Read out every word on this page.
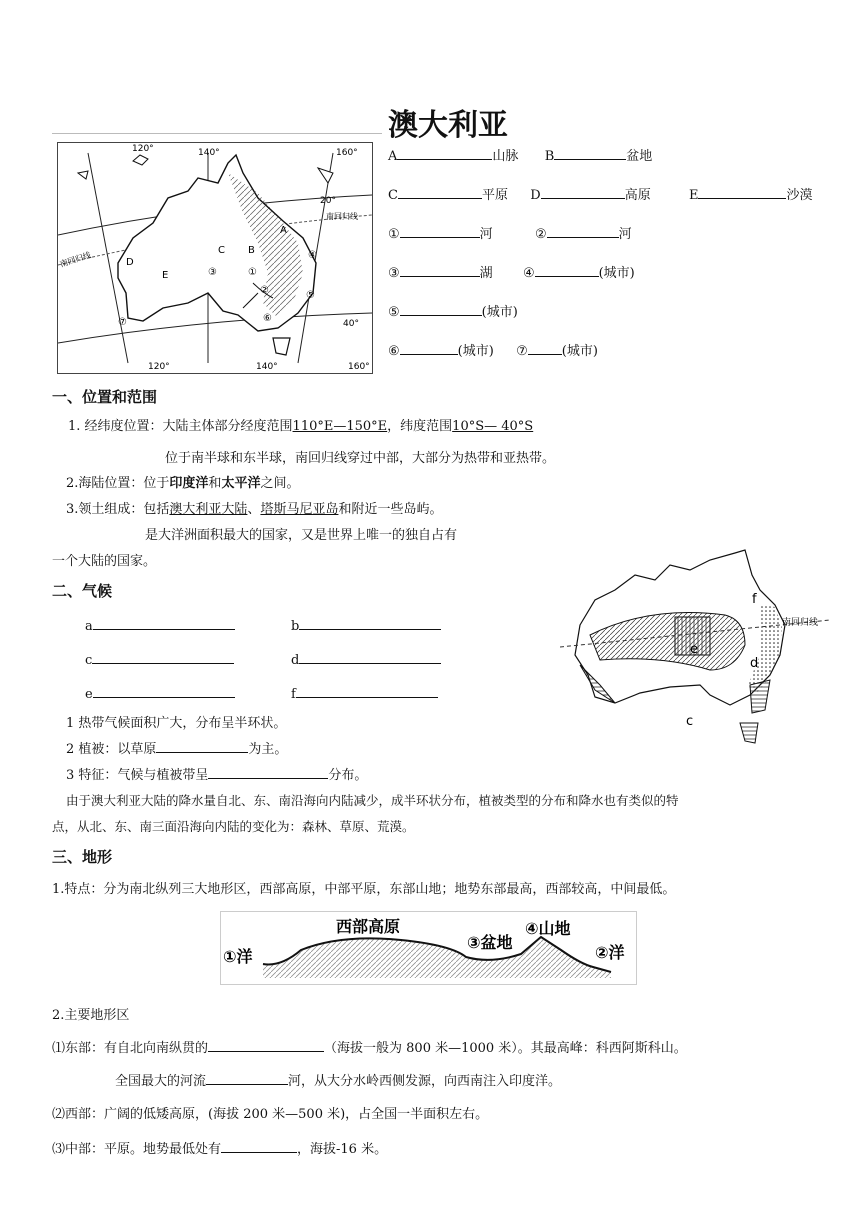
澳大利亚
120°	140°	160°
20°
南回归线
南回归线
40°
120°	140°	160°
A
B
C
D
E	①
②
③
④
⑤
⑥
⑦
A	山脉 B	盆地
C	平原 D	高原	E	沙漠
①	河	②	河
③	湖 ④	(城市)
⑤	(城市)
⑥	(城市) ⑦	(城市)
一、位置和范围
1. 经纬度位置：大陆主体部分经度范围110°E—150°E，纬度范围10°S— 40°S
位于南半球和东半球，南回归线穿过中部，大部分为热带和亚热带。
2.海陆位置：位于印度洋和太平洋之间。
3.领土组成：包括澳大利亚大陆、塔斯马尼亚岛和附近一些岛屿。
是大洋洲面积最大的国家，又是世界上唯一的独自占有
一个大陆的国家。
二、气候
a	b
c	d
e	f
1 热带气候面积广大，分布呈半环状。
2 植被：以草原	为主。
3 特征：气候与植被带呈	分布。
由于澳大利亚大陆的降水量自北、东、南沿海向内陆减少，成半环状分布，植被类型的分布和降水也有类似的特
点，从北、东、南三面沿海向内陆的变化为：森林、草原、荒漠。
f
e
d
c
南回归线
三、地形
1.特点：分为南北纵列三大地形区，西部高原，中部平原，东部山地；地势东部最高，西部较高，中间最低。
①洋
西部高原
③盆地
④山地
②洋
2.主要地形区
⑴东部：有自北向南纵贯的	（海拔一般为 800 米—1000 米）。其最高峰：科西阿斯科山。
全国最大的河流	河，从大分水岭西侧发源，向西南注入印度洋。
⑵西部：广阔的低矮高原，(海拔 200 米—500 米)，占全国一半面积左右。
⑶中部：平原。地势最低处有	，海拔-16 米。
